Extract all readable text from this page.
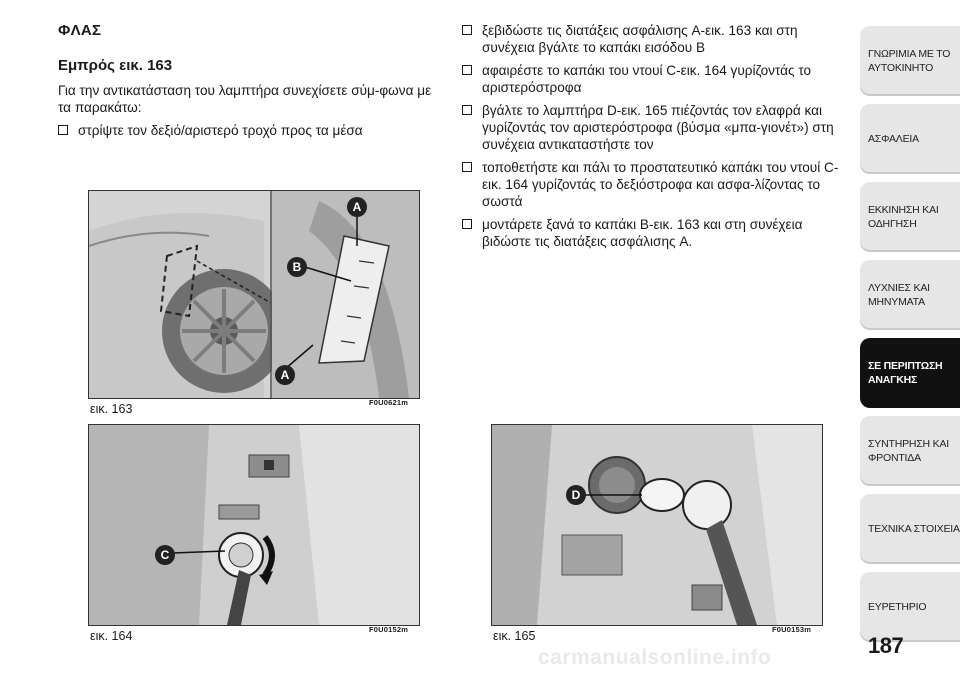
ΦΛΑΣ
Εμπρός εικ. 163

Για την αντικατάσταση του λαμπτήρα συνεχίσετε σύμ-φωνα με τα παρακάτω:

στρίψτε τον δεξιό/αριστερό τροχό προς τα μέσα
ξεβιδώστε τις διατάξεις ασφάλισης A-εικ. 163 και στη συνέχεια βγάλτε το καπάκι εισόδου B
αφαιρέστε το καπάκι του ντουί C-εικ. 164 γυρίζοντάς το αριστερόστροφα
βγάλτε το λαμπτήρα D-εικ. 165 πιέζοντάς τον ελαφρά και γυρίζοντάς τον αριστερόστροφα (βύσμα «μπα-γιονέτ») στη συνέχεια αντικαταστήστε τον
τοποθετήστε και πάλι το προστατευτικό καπάκι του ντουί C-εικ. 164 γυρίζοντάς το δεξιόστροφα και ασφα-λίζοντας το σωστά
μοντάρετε ξανά το καπάκι B-εικ. 163 και στη συνέχεια βιδώστε τις διατάξεις ασφάλισης A.
A
B
A
εικ. 163	F0U0621m
C
εικ. 164	F0U0152m
D
εικ. 165	F0U0153m
ΓΝΩΡΙΜΙΑ ΜΕ ΤΟ
ΑΥΤΟΚΙΝΗΤΟ
ΑΣΦΑΛΕΙΑ
ΕΚΚΙΝΗΣΗ ΚΑΙ
ΟΔΗΓΗΣΗ
ΛΥΧΝΙΕΣ ΚΑΙ
ΜΗΝΥΜΑΤΑ
ΣΕ ΠΕΡΙΠΤΩΣΗ
ΑΝΑΓΚΗΣ
ΣΥΝΤΗΡΗΣΗ ΚΑΙ
ΦΡΟΝΤΙΔΑ
ΤΕΧΝΙΚΑ ΣΤΟΙΧΕΙΑ
ΕΥΡΕΤΗΡΙΟ
187
carmanualsonline.info
